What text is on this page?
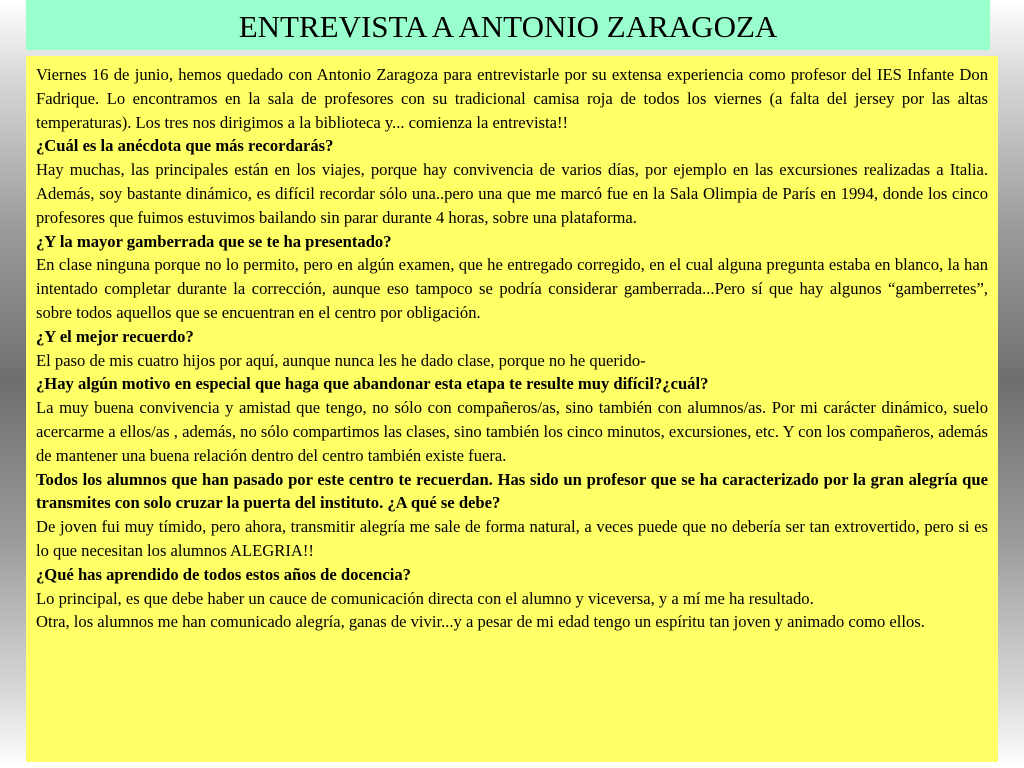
ENTREVISTA A ANTONIO ZARAGOZA

Viernes 16 de junio, hemos quedado con Antonio Zaragoza para entrevistarle por su extensa experiencia como profesor del IES Infante Don Fadrique. Lo encontramos en la sala de profesores con su tradicional camisa roja de todos los viernes (a falta del jersey por las altas temperaturas). Los tres nos dirigimos a la biblioteca y... comienza la entrevista!!

¿Cuál es la anécdota que más recordarás?

Hay muchas, las principales están en los viajes, porque hay convivencia de varios días, por ejemplo en las excursiones realizadas a Italia. Además, soy bastante dinámico, es difícil recordar sólo una..pero una que me marcó fue en la Sala Olimpia de París en 1994, donde los cinco profesores que fuimos estuvimos bailando sin parar durante 4 horas, sobre una plataforma.

¿Y la mayor gamberrada que se te ha presentado?

En clase ninguna porque no lo permito, pero en algún examen, que he entregado corregido, en el cual alguna pregunta estaba en blanco, la han intentado completar durante la corrección, aunque eso tampoco se podría considerar gamberrada...Pero sí que hay algunos “gamberretes”, sobre todos aquellos que se encuentran en el centro por obligación.

¿Y el mejor recuerdo?

El paso de mis cuatro hijos por aquí, aunque nunca les he dado clase, porque no he querido-

¿Hay algún motivo en especial que haga que abandonar esta etapa te resulte muy difícil?¿cuál?

La muy buena convivencia y amistad que tengo, no sólo con compañeros/as, sino también con alumnos/as. Por mi carácter dinámico, suelo acercarme a ellos/as , además, no sólo compartimos las clases, sino también los cinco minutos, excursiones, etc. Y con los compañeros, además de mantener una buena relación dentro del centro también existe fuera.

Todos los alumnos que han pasado por este centro te recuerdan. Has sido un profesor que se ha caracterizado por la gran alegría que transmites con solo cruzar la puerta del instituto. ¿A qué se debe?

De joven fui muy tímido, pero ahora, transmitir alegría me sale de forma natural, a veces puede que no debería ser tan extrovertido, pero si es lo que necesitan los alumnos ALEGRIA!!

¿Qué has aprendido de todos estos años de docencia?

Lo principal, es que debe haber un cauce de comunicación directa con el alumno y viceversa, y a mí me ha resultado.

Otra, los alumnos me han comunicado alegría, ganas de vivir...y a pesar de mi edad tengo un espíritu tan joven y animado como ellos.
